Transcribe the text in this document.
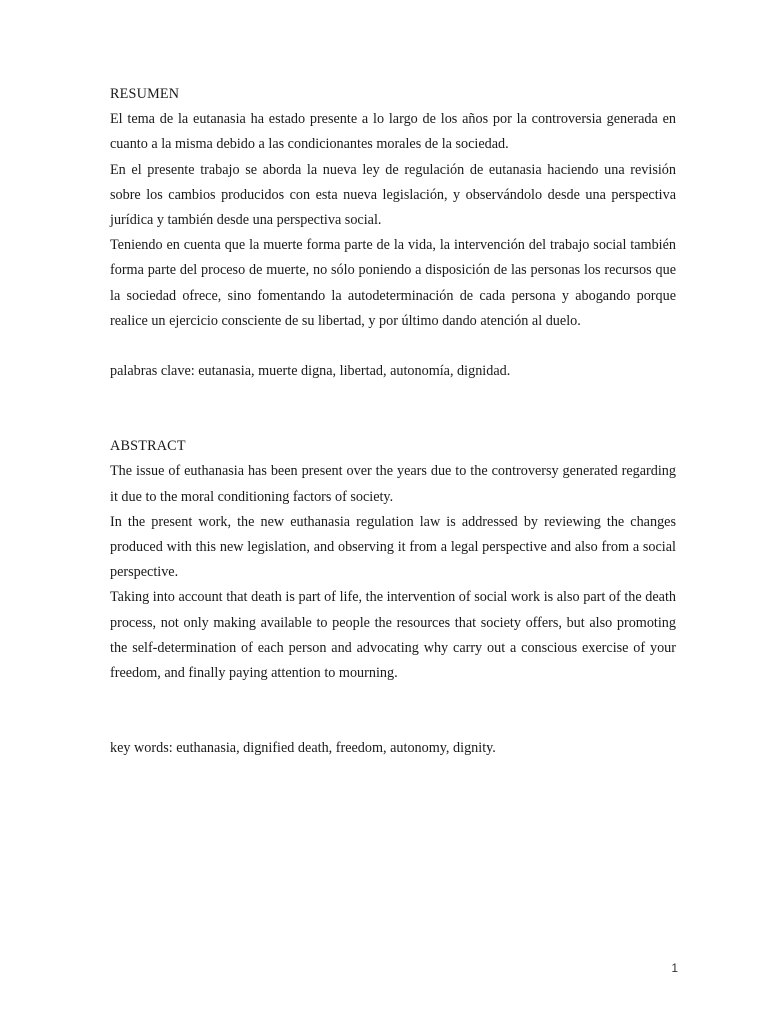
RESUMEN

El tema de la eutanasia ha estado presente a lo largo de los años por la controversia generada en cuanto a la misma debido a las condicionantes morales de la sociedad.

En el presente trabajo se aborda la nueva ley de regulación de eutanasia haciendo una revisión sobre los cambios producidos con esta nueva legislación, y observándolo desde una perspectiva jurídica y también desde una perspectiva social.

Teniendo en cuenta que la muerte forma parte de la vida, la intervención del trabajo social también forma parte del proceso de muerte, no sólo poniendo a disposición de las personas los recursos que la sociedad ofrece, sino fomentando la autodeterminación de cada persona y abogando porque realice un ejercicio consciente de su libertad, y por último dando atención al duelo.

palabras clave: eutanasia, muerte digna, libertad, autonomía, dignidad.

ABSTRACT

The issue of euthanasia has been present over the years due to the controversy generated regarding it due to the moral conditioning factors of society.

In the present work, the new euthanasia regulation law is addressed by reviewing the changes produced with this new legislation, and observing it from a legal perspective and also from a social perspective.

Taking into account that death is part of life, the intervention of social work is also part of the death process, not only making available to people the resources that society offers, but also promoting the self-determination of each person and advocating why carry out a conscious exercise of your freedom, and finally paying attention to mourning.

key words: euthanasia, dignified death, freedom, autonomy, dignity.

1
